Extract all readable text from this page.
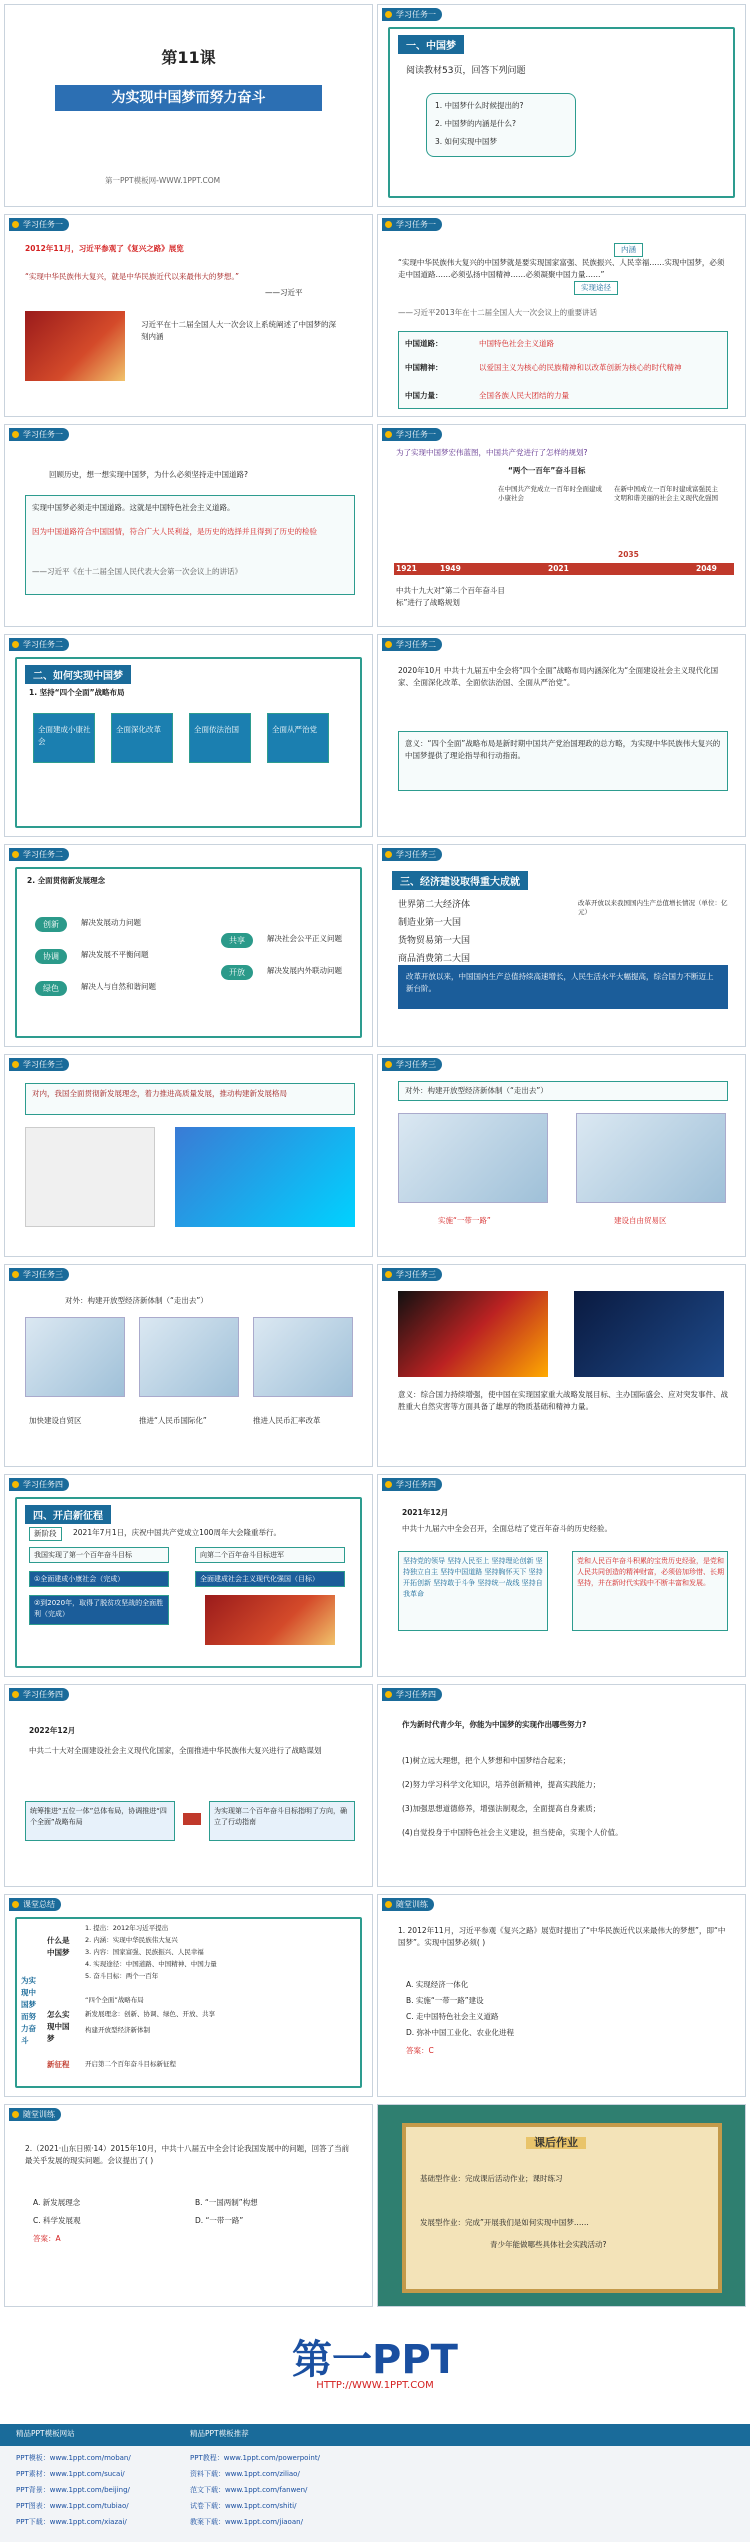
第11课
为实现中国梦而努力奋斗
第一PPT模板网-WWW.1PPT.COM
学习任务一
一、中国梦
阅读教材53页，回答下列问题
1. 中国梦什么时候提出的?
2. 中国梦的内涵是什么?
3. 如何实现中国梦
学习任务一
2012年11月，习近平参观了《复兴之路》展览
“实现中华民族伟大复兴，就是中华民族近代以来最伟大的梦想。”
——习近平
习近平在十二届全国人大一次会议上系统阐述了中国梦的深刻内涵
学习任务一
内涵
“实现中华民族伟大复兴的中国梦就是要实现国家富强、民族振兴、人民幸福……实现中国梦，必须走中国道路……必须弘扬中国精神……必须凝聚中国力量……”
实现途径
——习近平2013年在十二届全国人大一次会议上的重要讲话
中国道路：	中国特色社会主义道路
中国精神：	以爱国主义为核心的民族精神和以改革创新为核心的时代精神
中国力量：	全国各族人民大团结的力量
学习任务一
回顾历史，想一想实现中国梦，为什么必须坚持走中国道路?
实现中国梦必须走中国道路。这就是中国特色社会主义道路。
因为中国道路符合中国国情，符合广大人民利益，是历史的选择并且得到了历史的检验
——习近平《在十二届全国人民代表大会第一次会议上的讲话》
学习任务一
为了实现中国梦宏伟蓝图，中国共产党进行了怎样的规划?
“两个一百年”奋斗目标
在中国共产党成立一百年时全面建成小康社会
在新中国成立一百年时建成富强民主文明和谐美丽的社会主义现代化强国
1921	1949	2021
2035
2049
中共十九大对“第二个百年奋斗目标”进行了战略规划
学习任务二
二、如何实现中国梦
1. 坚持“四个全面”战略布局
全面建成小康社会
全面深化改革	全面依法治国	全面从严治党
学习任务二
2020年10月 中共十九届五中全会将“四个全面”战略布局内涵深化为“全面建设社会主义现代化国家、全面深化改革、全面依法治国、全面从严治党”。
意义：“四个全面”战略布局是新时期中国共产党治国理政的总方略，为实现中华民族伟大复兴的中国梦提供了理论指导和行动指南。
学习任务二
2. 全面贯彻新发展理念
创新	解决发展动力问题
协调	解决发展不平衡问题
绿色	解决人与自然和谐问题
共享	解决社会公平正义问题
开放	解决发展内外联动问题
学习任务三
三、经济建设取得重大成就
世界第二大经济体
制造业第一大国
货物贸易第一大国
商品消费第二大国
改革开放以来我国国内生产总值增长情况（单位：亿元）
改革开放以来，中国国内生产总值持续高速增长，人民生活水平大幅提高，综合国力不断迈上新台阶。
学习任务三
对内，我国全面贯彻新发展理念，着力推进高质量发展，推动构建新发展格局
学习任务三
对外：构建开放型经济新体制（“走出去”）
实施“一带一路”	建设自由贸易区
学习任务三
对外：构建开放型经济新体制（“走出去”）
加快建设自贸区	推进“人民币国际化”	推进人民币汇率改革
学习任务三
意义：综合国力持续增强，使中国在实现国家重大战略发展目标、主办国际盛会、应对突发事件、战胜重大自然灾害等方面具备了雄厚的物质基础和精神力量。
学习任务四
四、开启新征程
新阶段	2021年7月1日，庆祝中国共产党成立100周年大会隆重举行。
我国实现了第一个百年奋斗目标	向第二个百年奋斗目标进军
①全面建成小康社会（完成）	全面建成社会主义现代化强国（目标）
②到2020年，取得了脱贫攻坚战的全面胜利（完成）
学习任务四
2021年12月
中共十九届六中全会召开，全面总结了党百年奋斗的历史经验。
坚持党的领导 坚持人民至上 坚持理论创新 坚持独立自主 坚持中国道路 坚持胸怀天下 坚持开拓创新 坚持敢于斗争 坚持统一战线 坚持自我革命
党和人民百年奋斗积累的宝贵历史经验，是党和人民共同创造的精神财富，必须倍加珍惜、长期坚持，并在新时代实践中不断丰富和发展。
学习任务四
2022年12月
中共二十大对全面建设社会主义现代化国家，全面推进中华民族伟大复兴进行了战略谋划
统筹推进“五位一体”总体布局，协调推进“四个全面”战略布局
为实现第二个百年奋斗目标指明了方向，确立了行动指南
学习任务四
作为新时代青少年，你能为中国梦的实现作出哪些努力?
(1)树立远大理想，把个人梦想和中国梦结合起来；
(2)努力学习科学文化知识，培养创新精神，提高实践能力；
(3)加强思想道德修养，增强法制观念，全面提高自身素质；
(4)自觉投身于中国特色社会主义建设，担当使命，实现个人价值。
课堂总结
为实现中国梦而努力奋斗
什么是中国梦
怎么实现中国梦
新征程
1. 提出：2012年习近平提出
2. 内涵：实现中华民族伟大复兴
3. 内容：国家富强、民族振兴、人民幸福
4. 实现途径：中国道路、中国精神、中国力量
5. 奋斗目标：两个一百年
“四个全面”战略布局
新发展理念：创新、协调、绿色、开放、共享
构建开放型经济新体制
开启第二个百年奋斗目标新征程
随堂训练
1. 2012年11月，习近平参观《复兴之路》展览时提出了“中华民族近代以来最伟大的梦想”，即“中国梦”。实现中国梦必须( )
A. 实现经济一体化
B. 实施“一带一路”建设
C. 走中国特色社会主义道路
D. 弥补中国工业化、农业化进程
答案：C
随堂训练
2.（2021·山东日照·14）2015年10月，中共十八届五中全会讨论我国发展中的问题，回答了当前最关乎发展的现实问题。会议提出了( )
A. 新发展理念	B. “一国两制”构想
C. 科学发展观	D. “一带一路”
答案：A
课后作业
基础型作业：完成课后活动作业；课时练习
发展型作业：完成”开展我们是如何实现中国梦……
青少年能做哪些具体社会实践活动?
第一PPT
HTTP://WWW.1PPT.COM
精品PPT模板网站	精品PPT模板推荐
PPT模板：www.1ppt.com/moban/
PPT素材：www.1ppt.com/sucai/
PPT背景：www.1ppt.com/beijing/
PPT图表：www.1ppt.com/tubiao/
PPT下载：www.1ppt.com/xiazai/
PPT教程：www.1ppt.com/powerpoint/
资料下载：www.1ppt.com/ziliao/
范文下载：www.1ppt.com/fanwen/
试卷下载：www.1ppt.com/shiti/
教案下载：www.1ppt.com/jiaoan/
